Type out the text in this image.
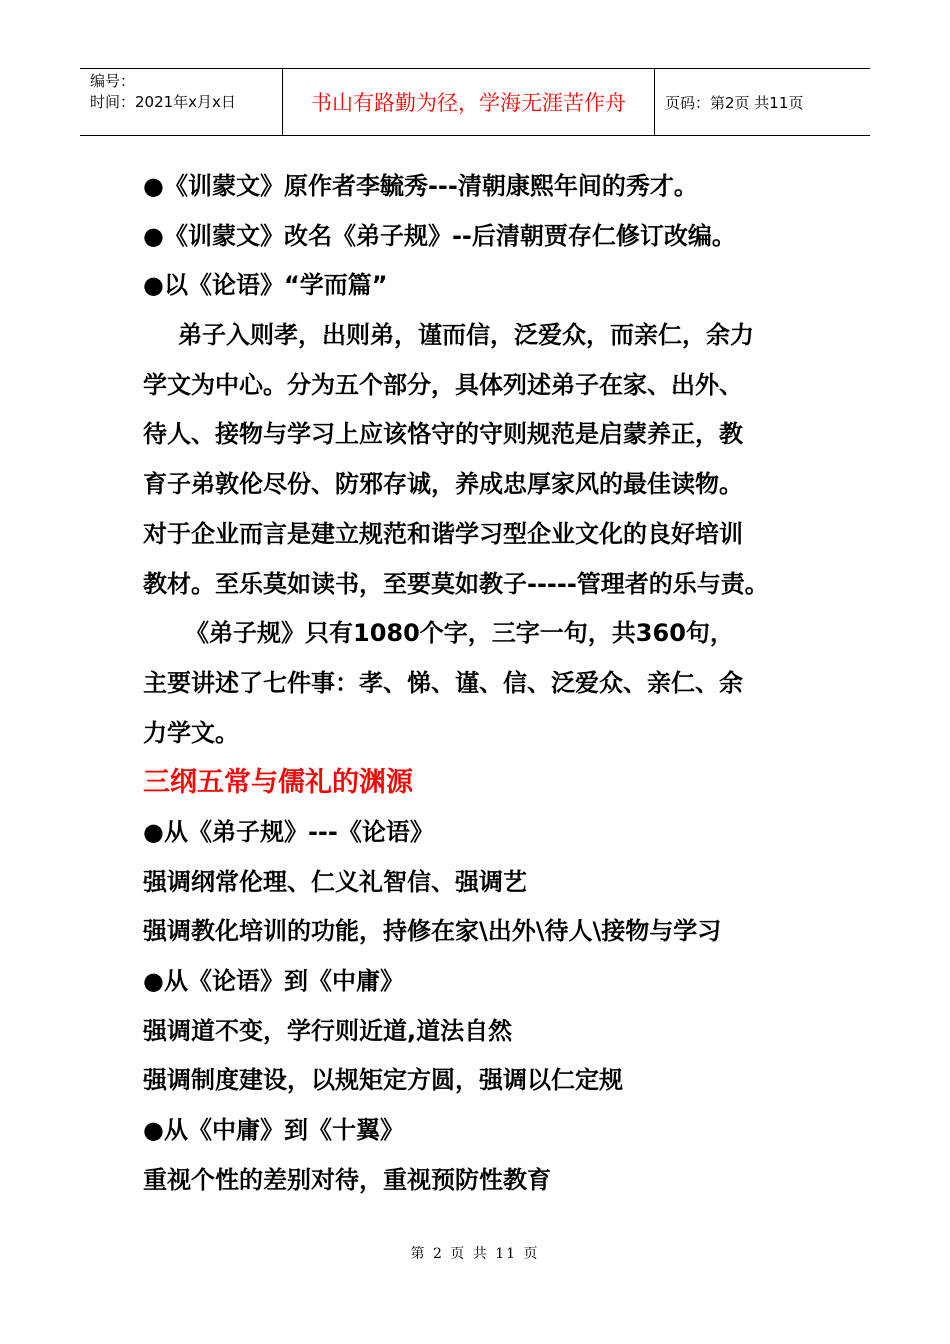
编号：
时间：2021年x月x日	书山有路勤为径，学海无涯苦作舟	页码：第2页 共11页
●《训蒙文》原作者李毓秀---清朝康熙年间的秀才。
●《训蒙文》改名《弟子规》--后清朝贾存仁修订改编。
●以《论语》“学而篇”
弟子入则孝，出则弟，谨而信，泛爱众，而亲仁，余力
学文为中心。分为五个部分，具体列述弟子在家、出外、
待人、接物与学习上应该恪守的守则规范是启蒙养正，教
育子弟敦伦尽份、防邪存诚，养成忠厚家风的最佳读物。
对于企业而言是建立规范和谐学习型企业文化的良好培训
教材。至乐莫如读书，至要莫如教子-----管理者的乐与责。
《弟子规》只有1080个字，三字一句，共360句，
主要讲述了七件事：孝、悌、谨、信、泛爱众、亲仁、余
力学文。
三纲五常与儒礼的渊源
●从《弟子规》---《论语》
强调纲常伦理、仁义礼智信、强调艺
强调教化培训的功能，持修在家\出外\待人\接物与学习
●从《论语》到《中庸》
强调道不变，学行则近道,道法自然
强调制度建设，以规矩定方圆，强调以仁定规
●从《中庸》到《十翼》
重视个性的差别对待，重视预防性教育
第 2 页 共 11 页
